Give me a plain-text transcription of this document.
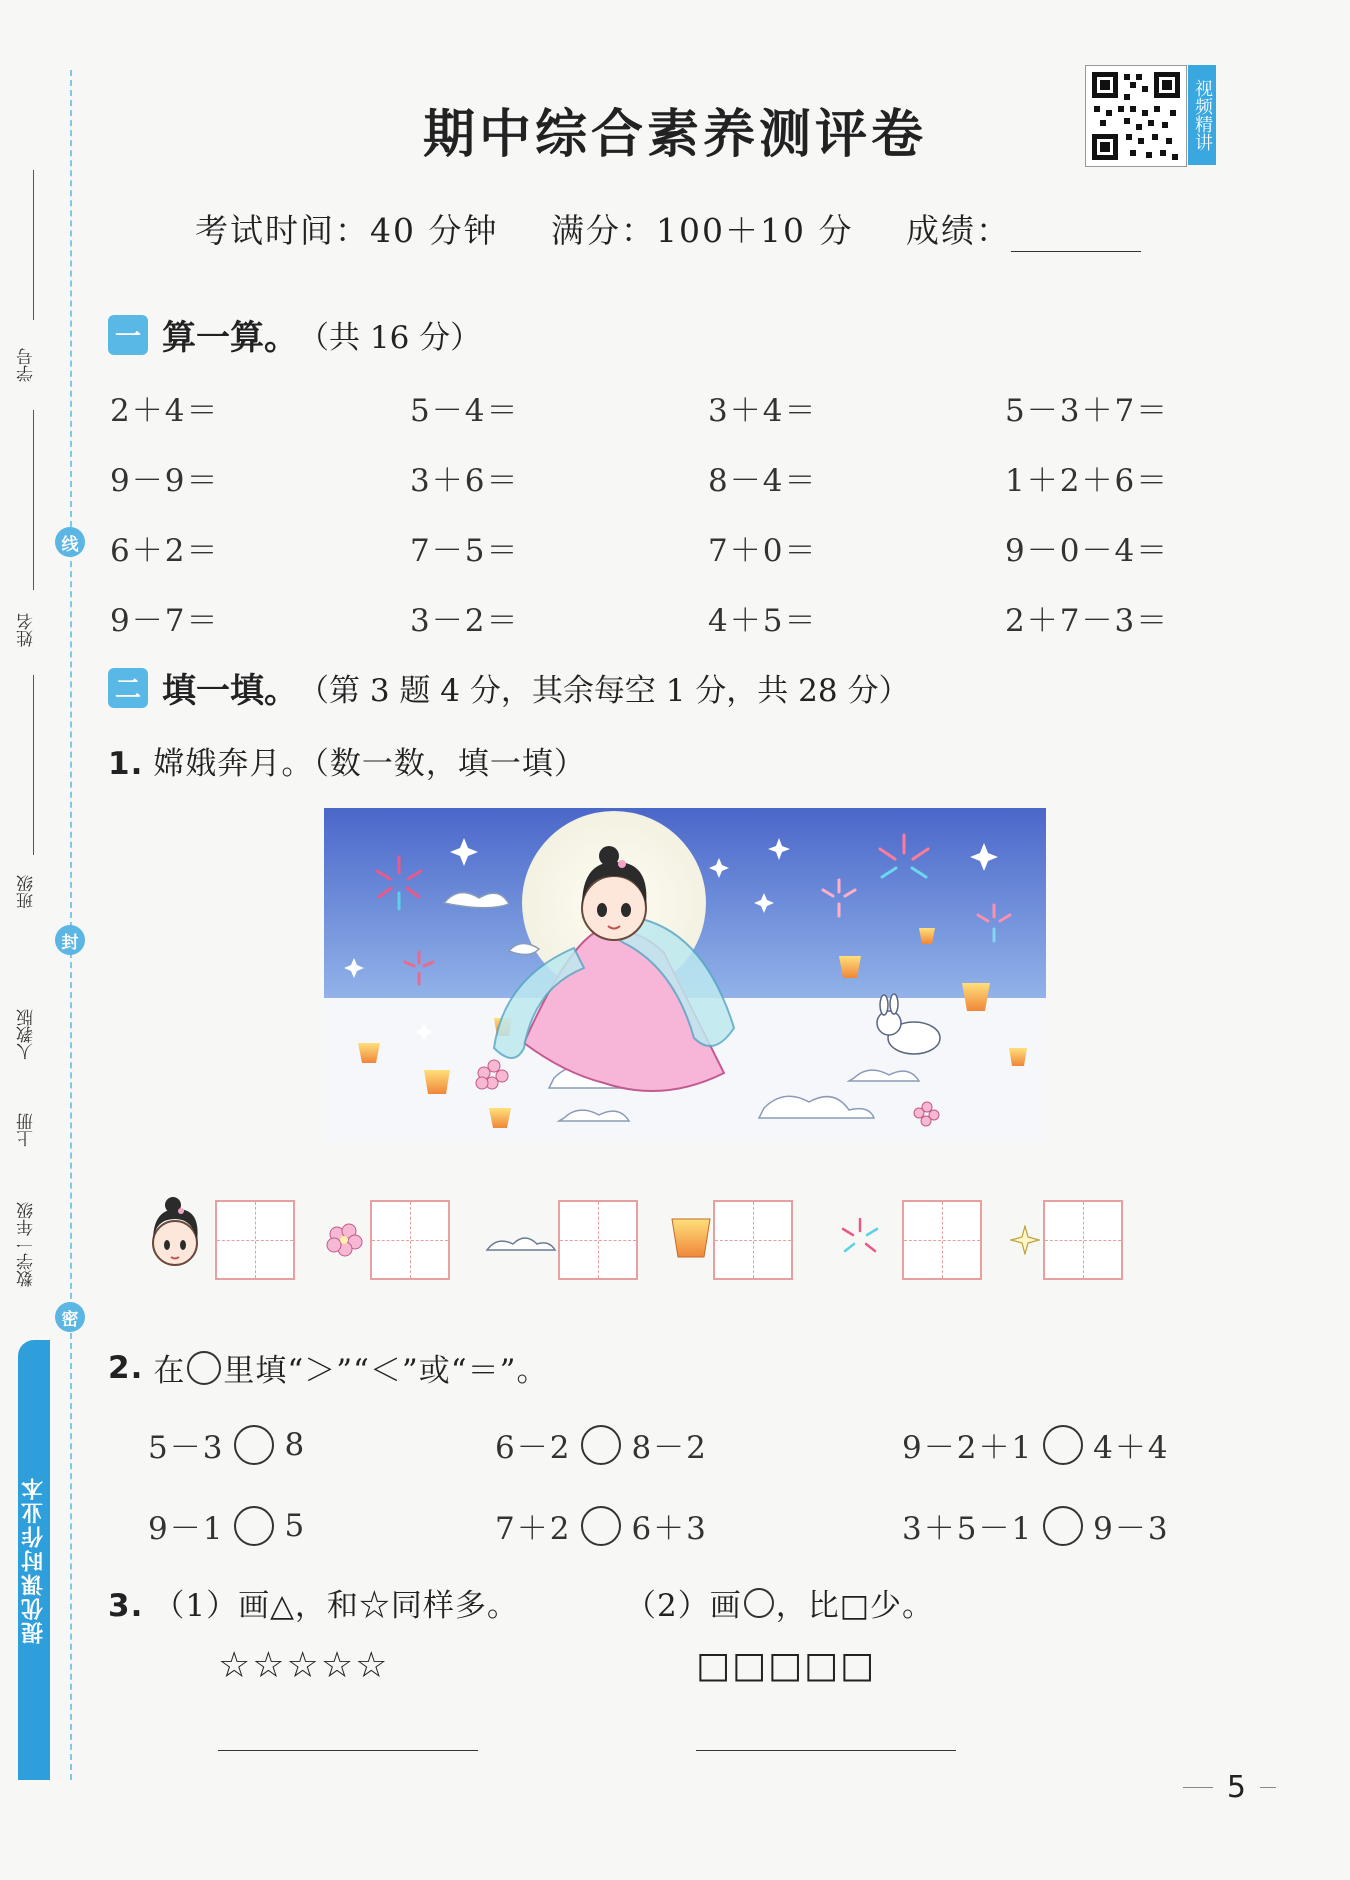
学号
姓名
班级
人教版
上册
数学一年级
线
封
密
提优课时作业本
期中综合素养测评卷	视频精讲
考试时间：40 分钟 满分：100＋10 分 成绩：
一 算一算。 （共 16 分）
2＋4＝	5－4＝	3＋4＝	5－3＋7＝
9－9＝	3＋6＝	8－4＝	1＋2＋6＝
6＋2＝	7－5＝	7＋0＝	9－0－4＝
9－7＝	3－2＝	4＋5＝	2＋7－3＝
二 填一填。 （第 3 题 4 分，其余每空 1 分，共 28 分）
1. 嫦娥奔月。（数一数，填一填）
2. 在 里填“＞”“＜”或“＝”。
5－3 8	6－2 8－2	9－2＋1 4＋4
9－1 5	7＋2 6＋3	3＋5－1 9－3
3. （1）画△，和☆同样多。	（2）画 ，比□少。
☆☆☆☆☆	□□□□□
5
